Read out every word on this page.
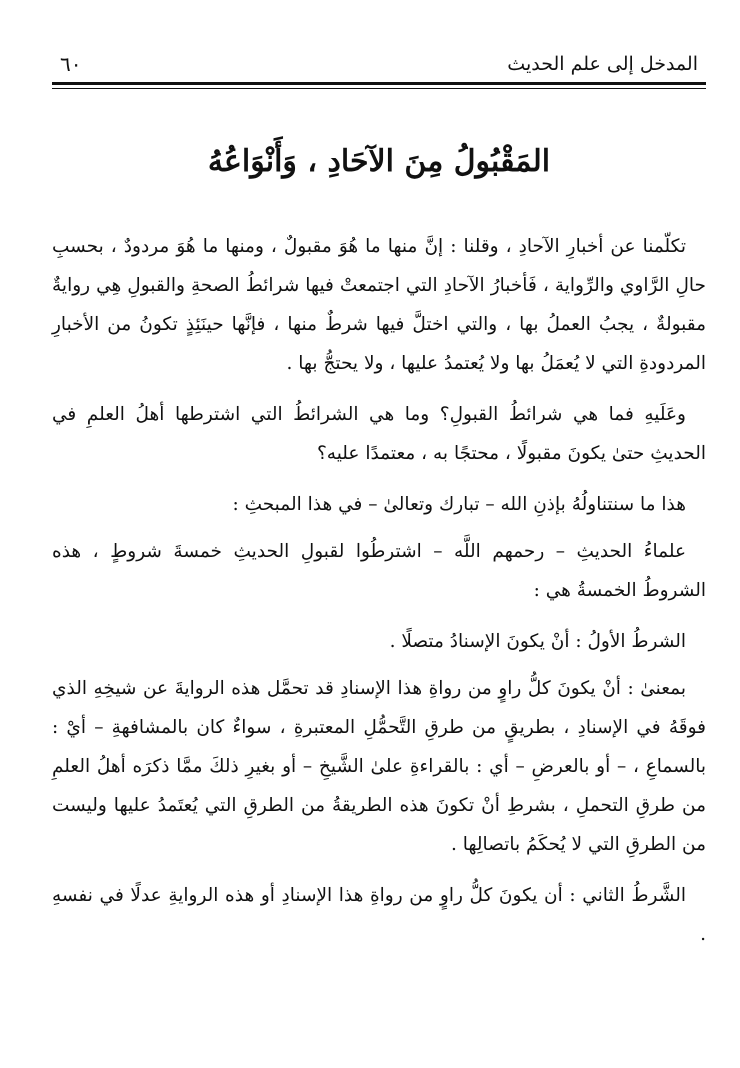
المدخل إلى علم الحديث
٦٠
المَقْبُولُ مِنَ الآحَادِ ، وَأَنْوَاعُهُ

تكلّمنا عن أخبارِ الآحادِ ، وقلنا : إنَّ منها ما هُوَ مقبولٌ ، ومنها ما هُوَ مردودٌ ، بحسبِ حالِ الرَّاوي والرِّواية ، فَأخبارُ الآحادِ التي اجتمعتْ فيها شرائطُ الصحةِ والقبولِ هِي روايةٌ مقبولةٌ ، يجبُ العملُ بها ، والتي اختلَّ فيها شرطٌ منها ، فإنَّها حينَئِذٍ تكونُ من الأخبارِ المردودةِ التي لا يُعمَلُ بها ولا يُعتمدُ عليها ، ولا يحتجُّ بها .

وعَلَيهِ فما هي شرائطُ القبولِ؟ وما هي الشرائطُ التي اشترطها أهلُ العلمِ في الحديثِ حتىٰ يكونَ مقبولًا ، محتجًا به ، معتمدًا عليه؟

هذا ما سنتناولُهُ بإذنِ الله – تبارك وتعالىٰ – في هذا المبحثِ :

علماءُ الحديثِ – رحمهم اللَّه – اشترطُوا لقبولِ الحديثِ خمسةَ شروطٍ ، هذه الشروطُ الخمسةُ هي :

الشرطُ الأولُ : أنْ يكونَ الإسنادُ متصلًا .

بمعنىٰ : أنْ يكونَ كلُّ راوٍ من رواةِ هذا الإسنادِ قد تحمَّل هذه الروايةَ عن شيخِهِ الذي فوقَهُ في الإسنادِ ، بطريقٍ من طرقِ التَّحمُّلِ المعتبرةِ ، سواءٌ كان بالمشافهةِ – أيْ : بالسماعِ ، – أو بالعرضِ – أي : بالقراءةِ علىٰ الشَّيخِ – أو بغيرِ ذلكَ ممَّا ذكرَه أهلُ العلمِ من طرقِ التحملِ ، بشرطِ أنْ تكونَ هذه الطريقةُ من الطرقِ التي يُعتَمدُ عليها وليست من الطرقِ التي لا يُحكَمُ باتصالِها .

الشَّرطُ الثاني : أن يكونَ كلُّ راوٍ من رواةِ هذا الإسنادِ أو هذه الروايةِ عدلًا في نفسهِ .
